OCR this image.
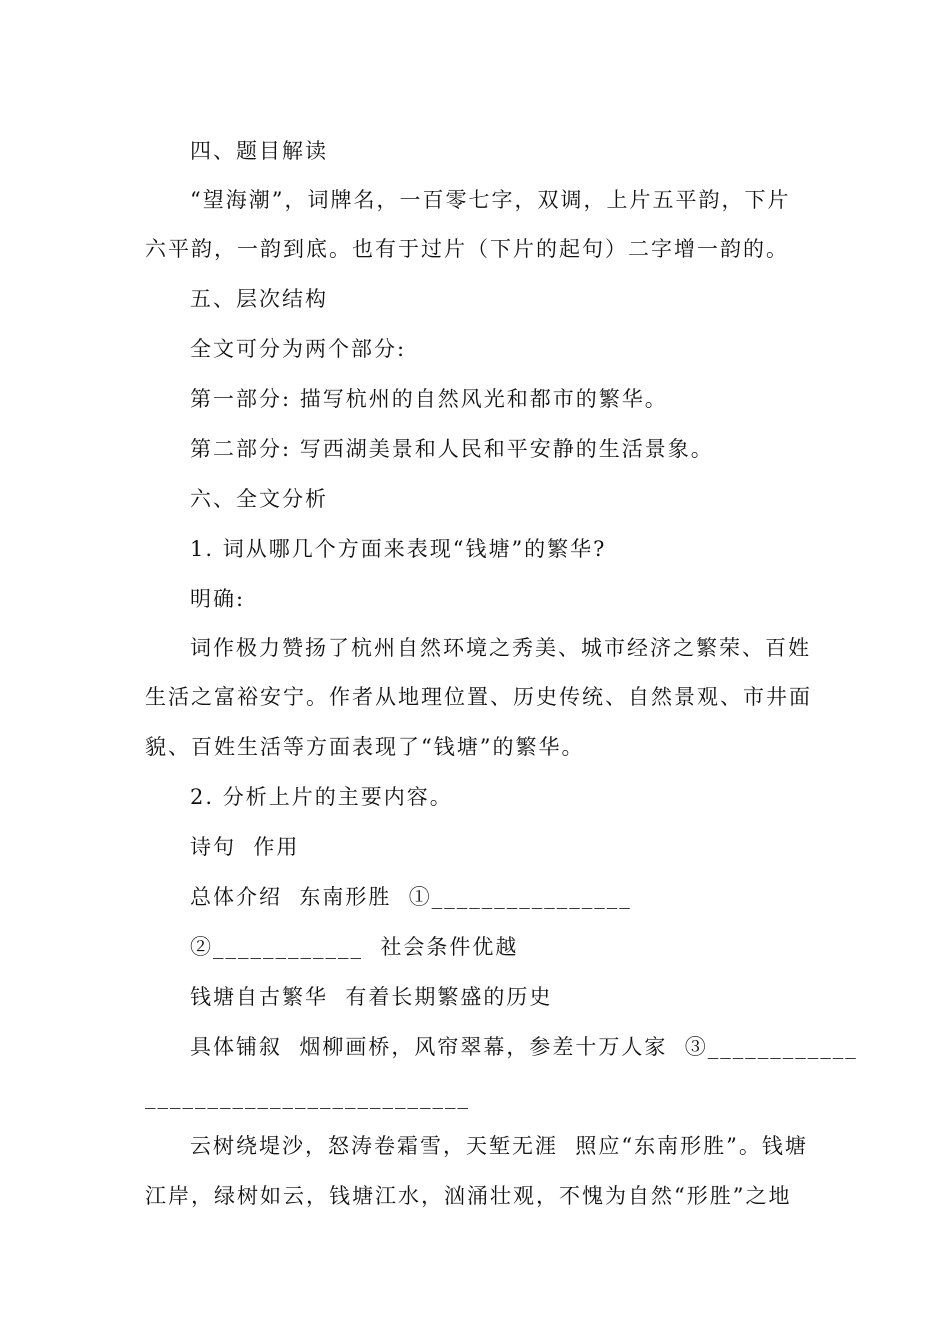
四、题目解读
“望海潮”，词牌名，一百零七字，双调，上片五平韵，下片
六平韵，一韵到底。也有于过片（下片的起句）二字增一韵的。
五、层次结构
全文可分为两个部分:
第一部分: 描写杭州的自然风光和都市的繁华。
第二部分: 写西湖美景和人民和平安静的生活景象。
六、全文分析
1. 词从哪几个方面来表现“钱塘”的繁华?
明确:
词作极力赞扬了杭州自然环境之秀美、城市经济之繁荣、百姓
生活之富裕安宁。作者从地理位置、历史传统、自然景观、市井面
貌、百姓生活等方面表现了“钱塘”的繁华。
2. 分析上片的主要内容。
诗句  作用
总体介绍  东南形胜  ①________________
②____________  社会条件优越
钱塘自古繁华  有着长期繁盛的历史
具体铺叙  烟柳画桥，风帘翠幕，参差十万人家  ③____________
__________________________
云树绕堤沙，怒涛卷霜雪，天堑无涯  照应“东南形胜”。钱塘
江岸，绿树如云，钱塘江水，汹涌壮观，不愧为自然“形胜”之地
